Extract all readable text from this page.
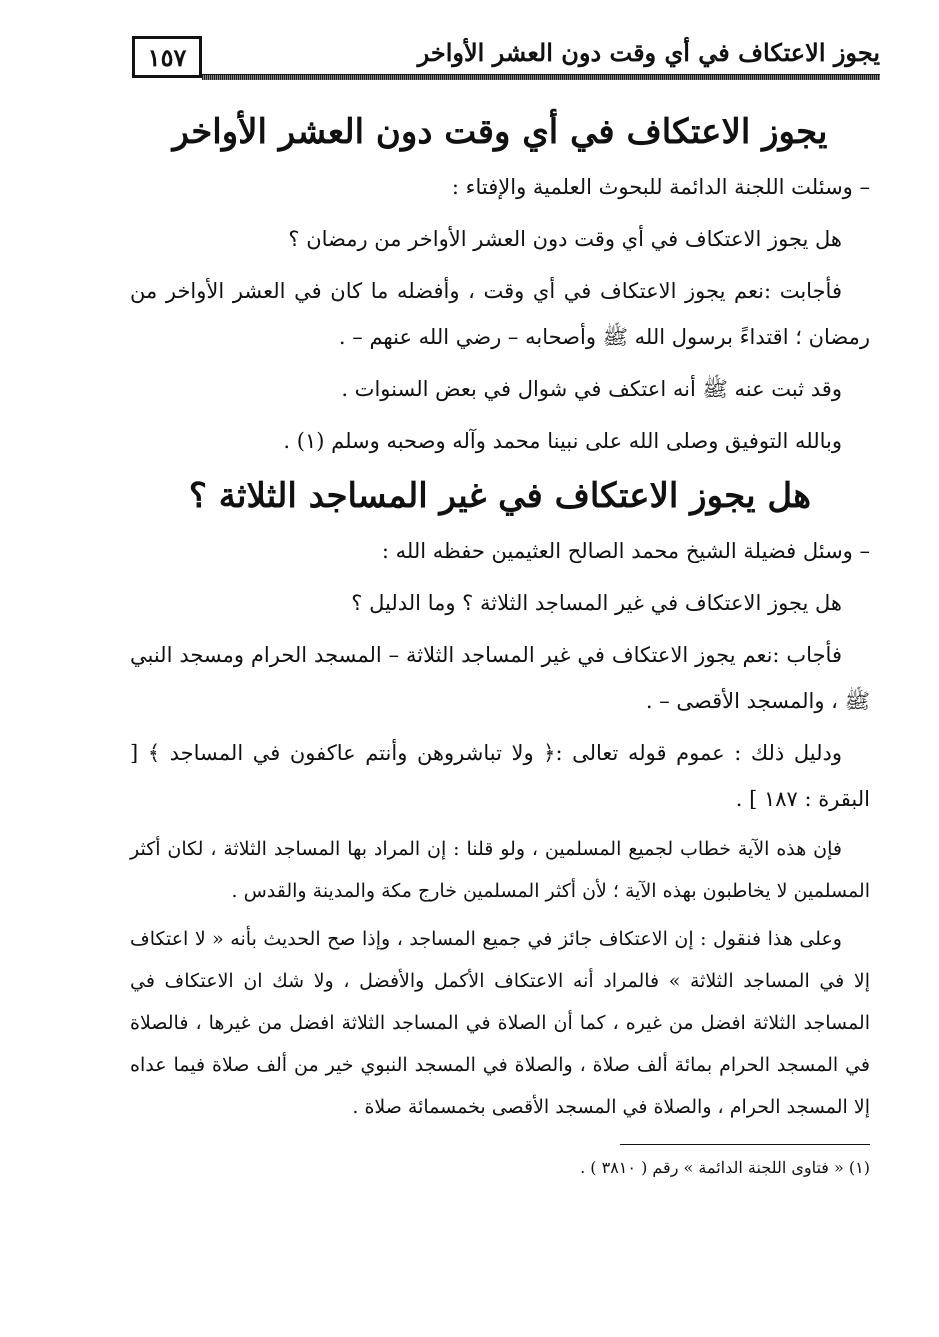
١٥٧	يجوز الاعتكاف في أي وقت دون العشر الأواخر
يجوز الاعتكاف في أي وقت دون العشر الأواخر

– وسئلت اللجنة الدائمة للبحوث العلمية والإفتاء :

هل يجوز الاعتكاف في أي وقت دون العشر الأواخر من رمضان ؟

فأجابت :نعم يجوز الاعتكاف في أي وقت ، وأفضله ما كان في العشر الأواخر من رمضان ؛ اقتداءً برسول الله ﷺ وأصحابه – رضي الله عنهم – .

وقد ثبت عنه ﷺ أنه اعتكف في شوال في بعض السنوات .

وبالله التوفيق وصلى الله على نبينا محمد وآله وصحبه وسلم (١) .

هل يجوز الاعتكاف في غير المساجد الثلاثة ؟

– وسئل فضيلة الشيخ محمد الصالح العثيمين حفظه الله :

هل يجوز الاعتكاف في غير المساجد الثلاثة ؟ وما الدليل ؟

فأجاب :نعم يجوز الاعتكاف في غير المساجد الثلاثة – المسجد الحرام ومسجد النبي ﷺ ، والمسجد الأقصى – .

ودليل ذلك : عموم قوله تعالى :﴿ ولا تباشروهن وأنتم عاكفون في المساجد ﴾ [ البقرة : ١٨٧ ] .

فإن هذه الآية خطاب لجميع المسلمين ، ولو قلنا : إن المراد بها المساجد الثلاثة ، لكان أكثر المسلمين لا يخاطبون بهذه الآية ؛ لأن أكثر المسلمين خارج مكة والمدينة والقدس .

وعلى هذا فنقول : إن الاعتكاف جائز في جميع المساجد ، وإذا صح الحديث بأنه « لا اعتكاف إلا في المساجد الثلاثة » فالمراد أنه الاعتكاف الأكمل والأفضل ، ولا شك ان الاعتكاف في المساجد الثلاثة افضل من غيره ، كما أن الصلاة في المساجد الثلاثة افضل من غيرها ، فالصلاة في المسجد الحرام بمائة ألف صلاة ، والصلاة في المسجد النبوي خير من ألف صلاة فيما عداه إلا المسجد الحرام ، والصلاة في المسجد الأقصى بخمسمائة صلاة .

(١) « فتاوى اللجنة الدائمة » رقم ( ٣٨١٠ ) .
